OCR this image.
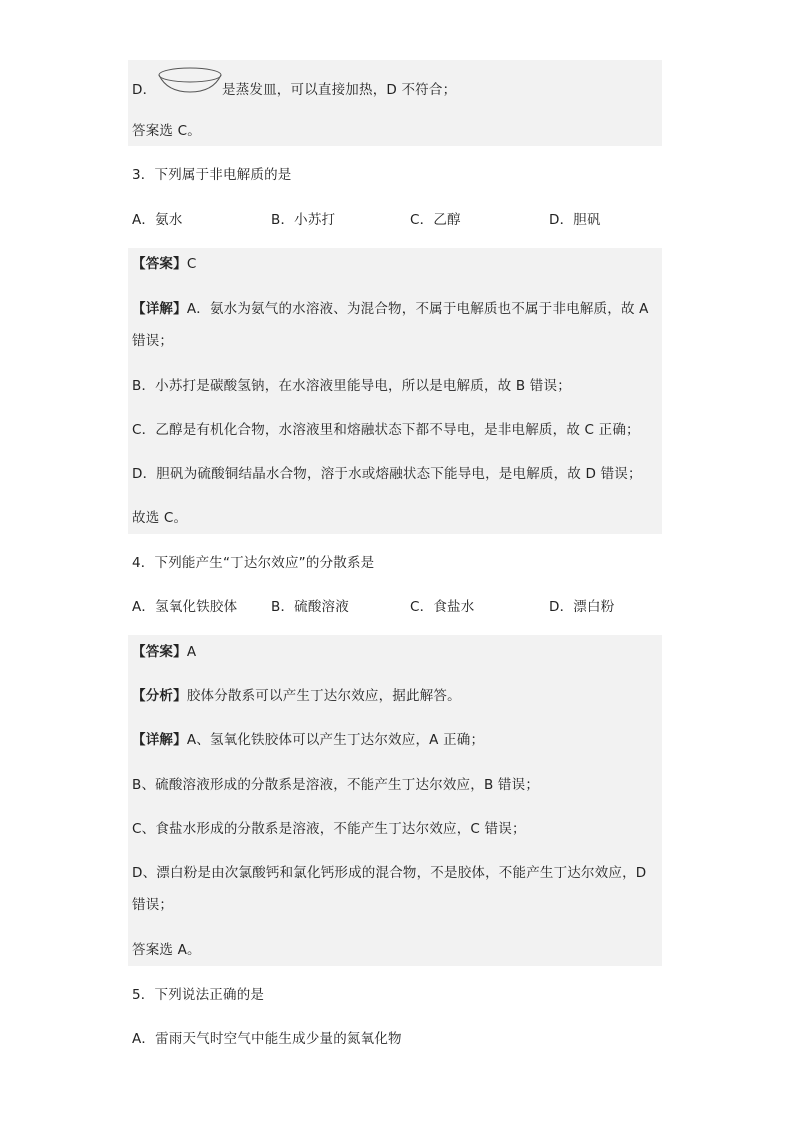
D．	是蒸发皿，可以直接加热，D 不符合；
答案选 C。
3．下列属于非电解质的是
A．氨水	B．小苏打	C．乙醇	D．胆矾
【答案】C
【详解】A．氨水为氨气的水溶液、为混合物，不属于电解质也不属于非电解质，故 A
错误；
B．小苏打是碳酸氢钠，在水溶液里能导电，所以是电解质，故 B 错误；
C．乙醇是有机化合物，水溶液里和熔融状态下都不导电，是非电解质，故 C 正确；
D．胆矾为硫酸铜结晶水合物，溶于水或熔融状态下能导电，是电解质，故 D 错误；
故选 C。
4．下列能产生“丁达尔效应”的分散系是
A．氢氧化铁胶体 B．硫酸溶液	C．食盐水	D．漂白粉
【答案】A
【分析】胶体分散系可以产生丁达尔效应，据此解答。
【详解】A、氢氧化铁胶体可以产生丁达尔效应，A 正确；
B、硫酸溶液形成的分散系是溶液，不能产生丁达尔效应，B 错误；
C、食盐水形成的分散系是溶液，不能产生丁达尔效应，C 错误；
D、漂白粉是由次氯酸钙和氯化钙形成的混合物，不是胶体，不能产生丁达尔效应，D
错误；
答案选 A。
5．下列说法正确的是
A．雷雨天气时空气中能生成少量的氮氧化物
